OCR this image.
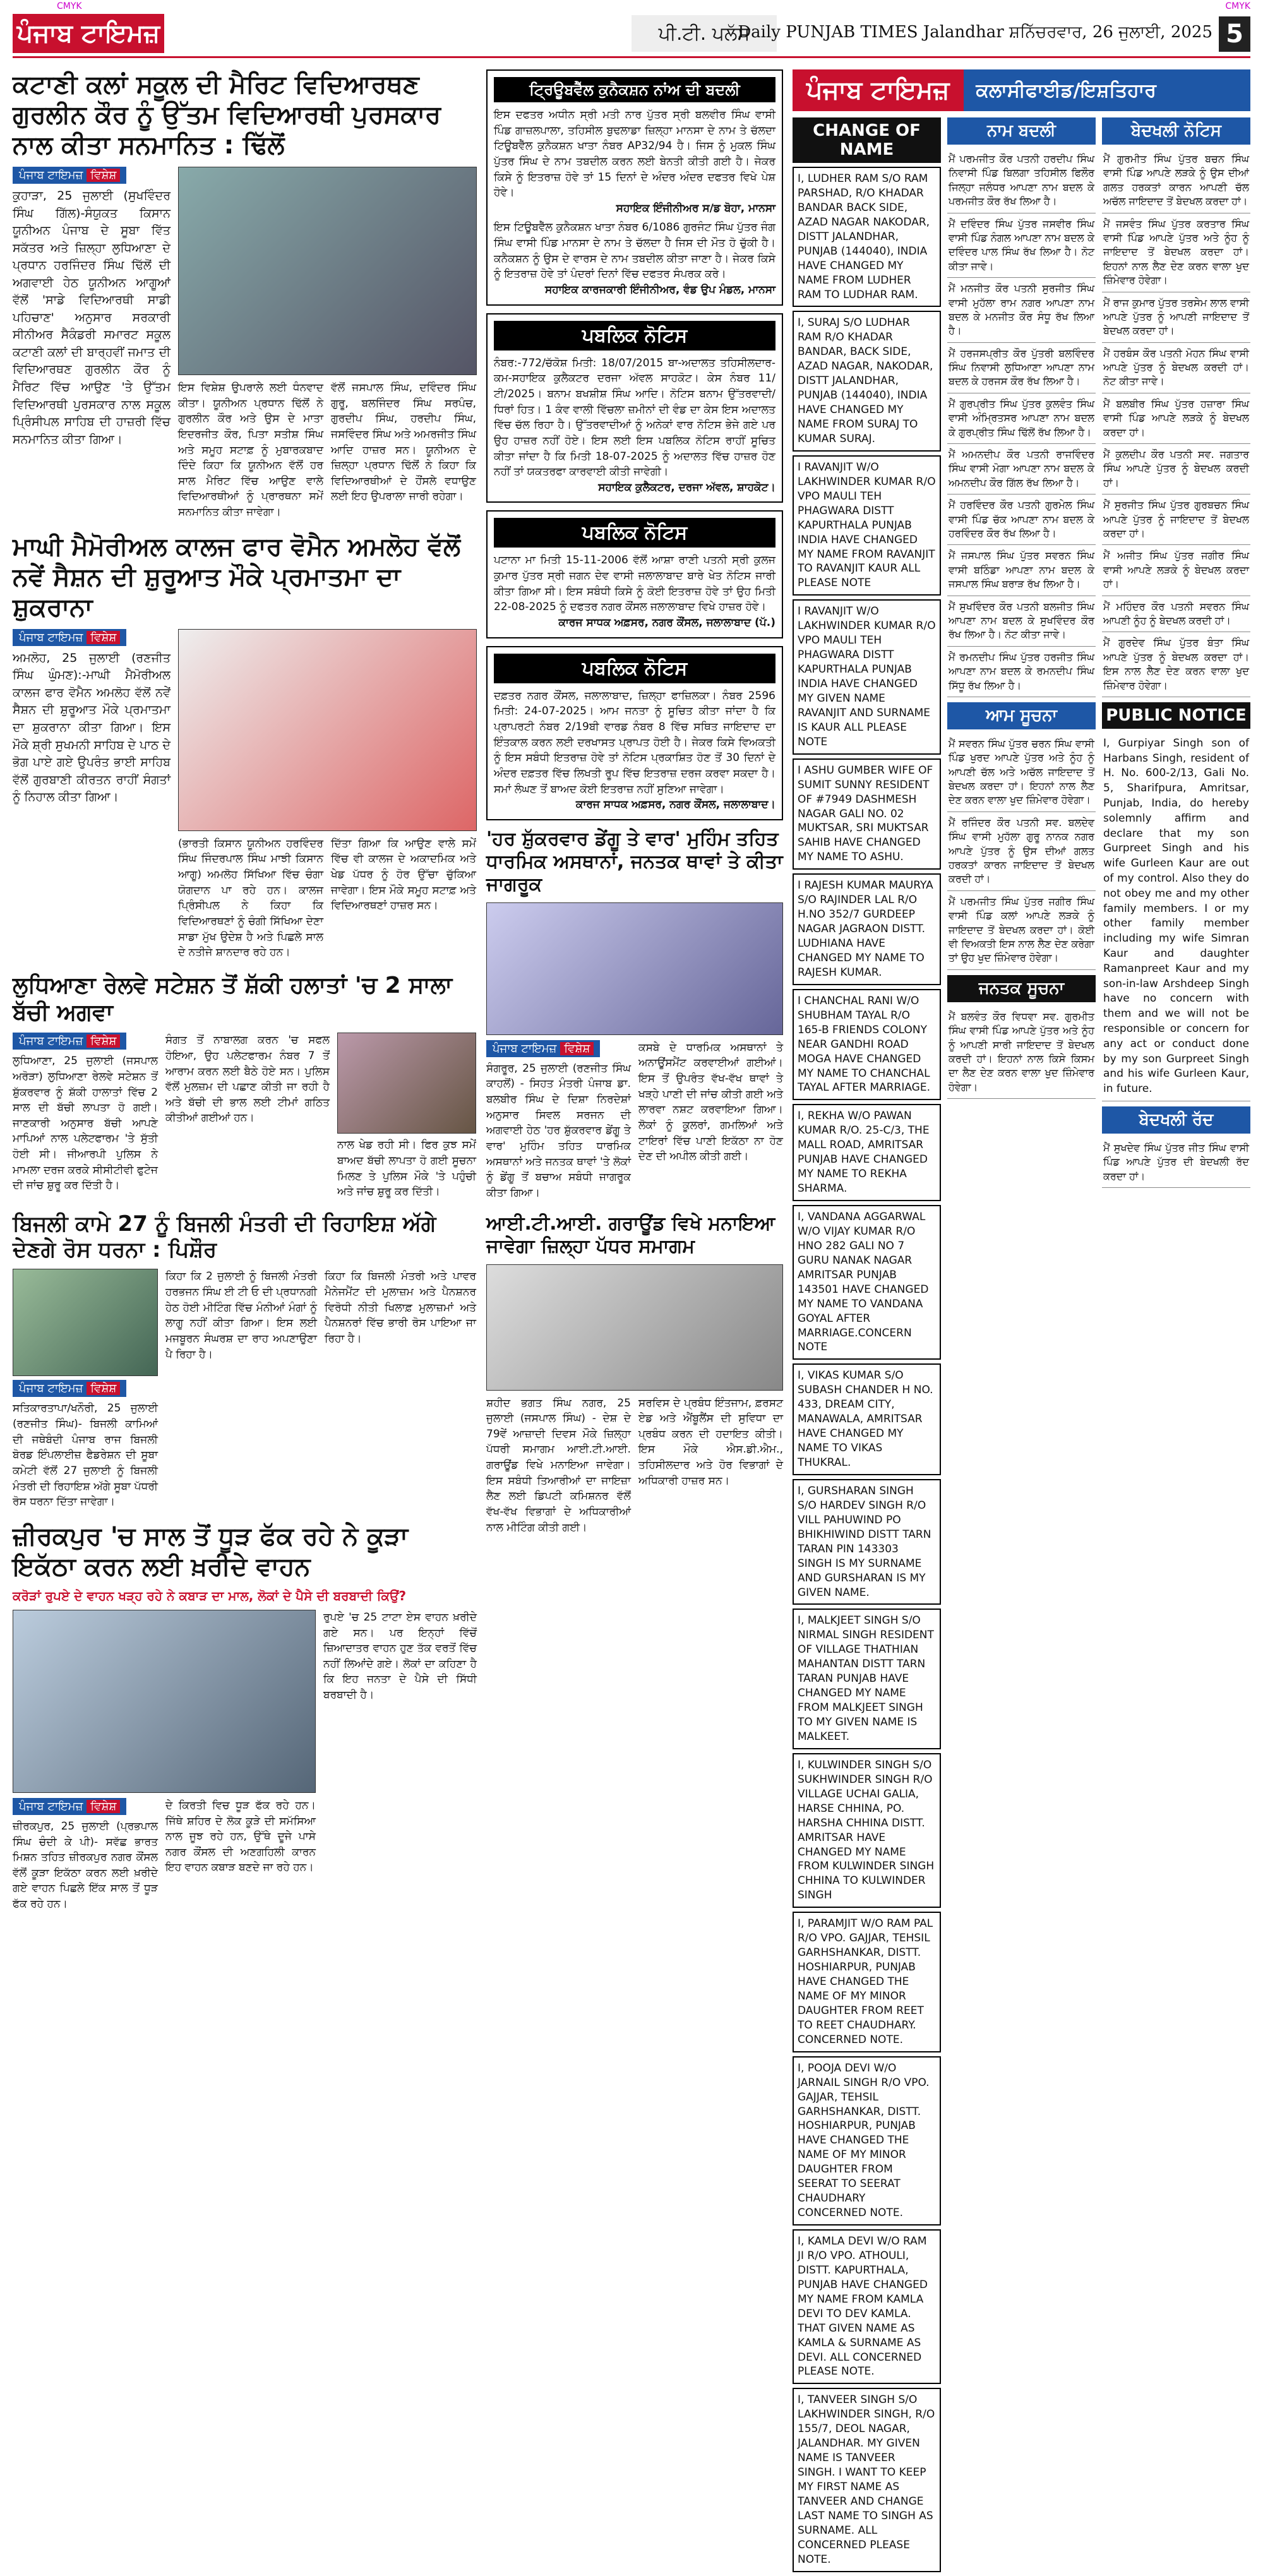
ਪੰਜਾਬ ਟਾਇਮਜ਼	ਪੀ.ਟੀ. ਪਲੱਸ
Daily PUNJAB TIMES Jalandhar ਸ਼ਨਿੱਚਰਵਾਰ, 26 ਜੁਲਾਈ, 2025 5
CMYK	CMYK
ਕਟਾਣੀ ਕਲਾਂ ਸਕੂਲ ਦੀ ਮੈਰਿਟ ਵਿਦਿਆਰਥਣ ਗੁਰਲੀਨ ਕੌਰ ਨੂੰ ਉੱਤਮ ਵਿਦਿਆਰਥੀ ਪੁਰਸਕਾਰ ਨਾਲ ਕੀਤਾ ਸਨਮਾਨਿਤ : ਢਿੱਲੋਂ
ਪੰਜਾਬ ਟਾਇਮਜ਼ ਵਿਸ਼ੇਸ਼
ਕੁਹਾੜਾ, 25 ਜੁਲਾਈ (ਸੁਖਵਿੰਦਰ ਸਿੰਘ ਗਿੱਲ)-ਸੰਯੁਕਤ ਕਿਸਾਨ ਯੂਨੀਅਨ ਪੰਜਾਬ ਦੇ ਸੂਬਾ ਵਿੱਤ ਸਕੱਤਰ ਅਤੇ ਜ਼ਿਲ੍ਹਾ ਲੁਧਿਆਣਾ ਦੇ ਪ੍ਰਧਾਨ ਹਰਜਿੰਦਰ ਸਿੰਘ ਢਿੱਲੋਂ ਦੀ ਅਗਵਾਈ ਹੇਠ ਯੂਨੀਅਨ ਆਗੂਆਂ ਵੱਲੋਂ 'ਸਾਡੇ ਵਿਦਿਆਰਥੀ ਸਾਡੀ ਪਹਿਚਾਣ' ਅਨੁਸਾਰ ਸਰਕਾਰੀ ਸੀਨੀਅਰ ਸੈਕੰਡਰੀ ਸਮਾਰਟ ਸਕੂਲ ਕਟਾਣੀ ਕਲਾਂ ਦੀ ਬਾਰ੍ਹਵੀਂ ਜਮਾਤ ਦੀ ਵਿਦਿਆਰਥਣ ਗੁਰਲੀਨ ਕੌਰ ਨੂੰ ਮੈਰਿਟ ਵਿੱਚ ਆਉਣ 'ਤੇ ਉੱਤਮ ਵਿਦਿਆਰਥੀ ਪੁਰਸਕਾਰ ਨਾਲ ਸਕੂਲ ਪ੍ਰਿੰਸੀਪਲ ਸਾਹਿਬ ਦੀ ਹਾਜ਼ਰੀ ਵਿੱਚ ਸਨਮਾਨਿਤ ਕੀਤਾ ਗਿਆ।
ਇਸ ਵਿਸ਼ੇਸ਼ ਉਪਰਾਲੇ ਲਈ ਧੰਨਵਾਦ ਕੀਤਾ। ਯੂਨੀਅਨ ਪ੍ਰਧਾਨ ਢਿੱਲੋਂ ਨੇ ਗੁਰਲੀਨ ਕੌਰ ਅਤੇ ਉਸ ਦੇ ਮਾਤਾ ਇਦਰਜੀਤ ਕੌਰ, ਪਿਤਾ ਸਤੀਸ਼ ਸਿੰਘ ਅਤੇ ਸਮੂਹ ਸਟਾਫ਼ ਨੂੰ ਮੁਬਾਰਕਬਾਦ ਦਿੰਦੇ ਕਿਹਾ ਕਿ ਯੂਨੀਅਨ ਵੱਲੋਂ ਹਰ ਸਾਲ ਮੈਰਿਟ ਵਿੱਚ ਆਉਣ ਵਾਲੇ ਵਿਦਿਆਰਥੀਆਂ ਨੂੰ ਪ੍ਰਾਰਥਨਾ ਸਮੇਂ ਸਨਮਾਨਿਤ ਕੀਤਾ ਜਾਵੇਗਾ।
ਵੱਲੋਂ ਜਸਪਾਲ ਸਿੰਘ, ਦਵਿੰਦਰ ਸਿੰਘ ਗੁਰੂ, ਬਲਜਿੰਦਰ ਸਿੰਘ ਸਰਪੰਚ, ਗੁਰਦੀਪ ਸਿੰਘ, ਹਰਦੀਪ ਸਿੰਘ, ਜਸਵਿੰਦਰ ਸਿੰਘ ਅਤੇ ਅਮਰਜੀਤ ਸਿੰਘ ਆਦਿ ਹਾਜ਼ਰ ਸਨ। ਯੂਨੀਅਨ ਦੇ ਜ਼ਿਲ੍ਹਾ ਪ੍ਰਧਾਨ ਢਿੱਲੋਂ ਨੇ ਕਿਹਾ ਕਿ ਵਿਦਿਆਰਥੀਆਂ ਦੇ ਹੌਂਸਲੇ ਵਧਾਉਣ ਲਈ ਇਹ ਉਪਰਾਲਾ ਜਾਰੀ ਰਹੇਗਾ।
ਮਾਘੀ ਮੈਮੋਰੀਅਲ ਕਾਲਜ ਫਾਰ ਵੋਮੈਨ ਅਮਲੋਹ ਵੱਲੋਂ ਨਵੇਂ ਸੈਸ਼ਨ ਦੀ ਸ਼ੁਰੂਆਤ ਮੌਕੇ ਪ੍ਰਮਾਤਮਾ ਦਾ ਸ਼ੁਕਰਾਨਾ
ਪੰਜਾਬ ਟਾਇਮਜ਼ ਵਿਸ਼ੇਸ਼
ਅਮਲੋਹ, 25 ਜੁਲਾਈ (ਰਣਜੀਤ ਸਿੰਘ ਘੁੰਮਣ):-ਮਾਘੀ ਮੈਮੋਰੀਅਲ ਕਾਲਜ ਫਾਰ ਵੋਮੈਨ ਅਮਲੋਹ ਵੱਲੋਂ ਨਵੇਂ ਸੈਸ਼ਨ ਦੀ ਸ਼ੁਰੂਆਤ ਮੌਕੇ ਪ੍ਰਮਾਤਮਾ ਦਾ ਸ਼ੁਕਰਾਨਾ ਕੀਤਾ ਗਿਆ। ਇਸ ਮੌਕੇ ਸ਼੍ਰੀ ਸੁਖਮਨੀ ਸਾਹਿਬ ਦੇ ਪਾਠ ਦੇ ਭੋਗ ਪਾਏ ਗਏ ਉਪਰੰਤ ਭਾਈ ਸਾਹਿਬ ਵੱਲੋਂ ਗੁਰਬਾਣੀ ਕੀਰਤਨ ਰਾਹੀਂ ਸੰਗਤਾਂ ਨੂੰ ਨਿਹਾਲ ਕੀਤਾ ਗਿਆ।
(ਭਾਰਤੀ ਕਿਸਾਨ ਯੂਨੀਅਨ ਹਰਵਿੰਦਰ ਸਿੰਘ ਜਿੰਦਰਪਾਲ ਸਿੰਘ ਮਾਝੀ ਕਿਸਾਨ ਆਗੂ) ਅਮਲੋਹ ਸਿੱਖਿਆ ਵਿੱਚ ਚੰਗਾ ਯੋਗਦਾਨ ਪਾ ਰਹੇ ਹਨ। ਕਾਲਜ ਪ੍ਰਿੰਸੀਪਲ ਨੇ ਕਿਹਾ ਕਿ ਵਿਦਿਆਰਥਣਾਂ ਨੂੰ ਚੰਗੀ ਸਿੱਖਿਆ ਦੇਣਾ ਸਾਡਾ ਮੁੱਖ ਉਦੇਸ਼ ਹੈ ਅਤੇ ਪਿਛਲੇ ਸਾਲ ਦੇ ਨਤੀਜੇ ਸ਼ਾਨਦਾਰ ਰਹੇ ਹਨ।
ਦਿੱਤਾ ਗਿਆ ਕਿ ਆਉਣ ਵਾਲੇ ਸਮੇਂ ਵਿੱਚ ਵੀ ਕਾਲਜ ਦੇ ਅਕਾਦਮਿਕ ਅਤੇ ਖੇਡ ਪੱਧਰ ਨੂੰ ਹੋਰ ਉੱਚਾ ਚੁੱਕਿਆ ਜਾਵੇਗਾ। ਇਸ ਮੌਕੇ ਸਮੂਹ ਸਟਾਫ਼ ਅਤੇ ਵਿਦਿਆਰਥਣਾਂ ਹਾਜ਼ਰ ਸਨ।
ਲੁਧਿਆਣਾ ਰੇਲਵੇ ਸਟੇਸ਼ਨ ਤੋਂ ਸ਼ੱਕੀ ਹਲਾਤਾਂ 'ਚ 2 ਸਾਲਾ ਬੱਚੀ ਅਗਵਾ
ਪੰਜਾਬ ਟਾਇਮਜ਼ ਵਿਸ਼ੇਸ਼
ਲੁਧਿਆਣਾ, 25 ਜੁਲਾਈ (ਜਸਪਾਲ ਅਰੋੜਾ) ਲੁਧਿਆਣਾ ਰੇਲਵੇ ਸਟੇਸ਼ਨ ਤੋਂ ਸ਼ੁੱਕਰਵਾਰ ਨੂੰ ਸ਼ੱਕੀ ਹਾਲਾਤਾਂ ਵਿੱਚ 2 ਸਾਲ ਦੀ ਬੱਚੀ ਲਾਪਤਾ ਹੋ ਗਈ। ਜਾਣਕਾਰੀ ਅਨੁਸਾਰ ਬੱਚੀ ਆਪਣੇ ਮਾਪਿਆਂ ਨਾਲ ਪਲੇਟਫਾਰਮ 'ਤੇ ਸੁੱਤੀ ਹੋਈ ਸੀ। ਜੀਆਰਪੀ ਪੁਲਿਸ ਨੇ ਮਾਮਲਾ ਦਰਜ ਕਰਕੇ ਸੀਸੀਟੀਵੀ ਫੁਟੇਜ ਦੀ ਜਾਂਚ ਸ਼ੁਰੂ ਕਰ ਦਿੱਤੀ ਹੈ।
ਸੰਗਤ ਤੋਂ ਨਾਬਾਲਗ ਕਰਨ 'ਚ ਸਫਲ ਹੋਇਆ, ਉਹ ਪਲੇਟਫਾਰਮ ਨੰਬਰ 7 ਤੋਂ ਆਰਾਮ ਕਰਨ ਲਈ ਬੈਠੇ ਹੋਏ ਸਨ। ਪੁਲਿਸ ਵੱਲੋਂ ਮੁਲਜ਼ਮ ਦੀ ਪਛਾਣ ਕੀਤੀ ਜਾ ਰਹੀ ਹੈ ਅਤੇ ਬੱਚੀ ਦੀ ਭਾਲ ਲਈ ਟੀਮਾਂ ਗਠਿਤ ਕੀਤੀਆਂ ਗਈਆਂ ਹਨ।
ਨਾਲ ਖੇਡ ਰਹੀ ਸੀ। ਫਿਰ ਕੁਝ ਸਮੇਂ ਬਾਅਦ ਬੱਚੀ ਲਾਪਤਾ ਹੋ ਗਈ ਸੂਚਨਾ ਮਿਲਣ ਤੇ ਪੁਲਿਸ ਮੌਕੇ 'ਤੇ ਪਹੁੰਚੀ ਅਤੇ ਜਾਂਚ ਸ਼ੁਰੂ ਕਰ ਦਿੱਤੀ।
ਬਿਜਲੀ ਕਾਮੇ 27 ਨੂੰ ਬਿਜਲੀ ਮੰਤਰੀ ਦੀ ਰਿਹਾਇਸ਼ ਅੱਗੇ ਦੇਣਗੇ ਰੋਸ ਧਰਨਾ : ਪਿਸ਼ੌਰ
ਪੰਜਾਬ ਟਾਇਮਜ਼ ਵਿਸ਼ੇਸ਼
ਸਤਿਕਾਰਤਾਪਾ/ਖਨੌਰੀ, 25 ਜੁਲਾਈ (ਰਣਜੀਤ ਸਿੰਘ)- ਬਿਜਲੀ ਕਾਮਿਆਂ ਦੀ ਜਥੇਬੰਦੀ ਪੰਜਾਬ ਰਾਜ ਬਿਜਲੀ ਬੋਰਡ ਇੰਪਲਾਈਜ਼ ਫੈਡਰੇਸ਼ਨ ਦੀ ਸੂਬਾ ਕਮੇਟੀ ਵੱਲੋਂ 27 ਜੁਲਾਈ ਨੂੰ ਬਿਜਲੀ ਮੰਤਰੀ ਦੀ ਰਿਹਾਇਸ਼ ਅੱਗੇ ਸੂਬਾ ਪੱਧਰੀ ਰੋਸ ਧਰਨਾ ਦਿੱਤਾ ਜਾਵੇਗਾ।
ਕਿਹਾ ਕਿ 2 ਜੁਲਾਈ ਨੂੰ ਬਿਜਲੀ ਮੰਤਰੀ ਹਰਭਜਨ ਸਿੰਘ ਈ ਟੀ ਓ ਦੀ ਪ੍ਰਧਾਨਗੀ ਹੇਠ ਹੋਈ ਮੀਟਿੰਗ ਵਿੱਚ ਮੰਨੀਆਂ ਮੰਗਾਂ ਨੂੰ ਲਾਗੂ ਨਹੀਂ ਕੀਤਾ ਗਿਆ। ਇਸ ਲਈ ਮਜਬੂਰਨ ਸੰਘਰਸ਼ ਦਾ ਰਾਹ ਅਪਣਾਉਣਾ ਪੈ ਰਿਹਾ ਹੈ।
ਕਿਹਾ ਕਿ ਬਿਜਲੀ ਮੰਤਰੀ ਅਤੇ ਪਾਵਰ ਮੈਨੇਜਮੈਂਟ ਦੀ ਮੁਲਾਜ਼ਮ ਅਤੇ ਪੈਨਸ਼ਨਰ ਵਿਰੋਧੀ ਨੀਤੀ ਖਿਲਾਫ਼ ਮੁਲਾਜ਼ਮਾਂ ਅਤੇ ਪੈਨਸ਼ਨਰਾਂ ਵਿੱਚ ਭਾਰੀ ਰੋਸ ਪਾਇਆ ਜਾ ਰਿਹਾ ਹੈ।
ਜ਼ੀਰਕਪੁਰ 'ਚ ਸਾਲ ਤੋਂ ਧੂੜ ਫੱਕ ਰਹੇ ਨੇ ਕੂੜਾ ਇਕੱਠਾ ਕਰਨ ਲਈ ਖ਼ਰੀਦੇ ਵਾਹਨ
ਕਰੋੜਾਂ ਰੁਪਏ ਦੇ ਵਾਹਨ ਖੜ੍ਹ ਰਹੇ ਨੇ ਕਬਾੜ ਦਾ ਮਾਲ, ਲੋਕਾਂ ਦੇ ਪੈਸੇ ਦੀ ਬਰਬਾਦੀ ਕਿਉਂ?
ਪੰਜਾਬ ਟਾਇਮਜ਼ ਵਿਸ਼ੇਸ਼
ਜ਼ੀਰਕਪੁਰ, 25 ਜੁਲਾਈ (ਪ੍ਰਭਪਾਲ ਸਿੰਘ ਚੰਦੀ ਕੇ ਪੀ)- ਸਵੱਛ ਭਾਰਤ ਮਿਸ਼ਨ ਤਹਿਤ ਜ਼ੀਰਕਪੁਰ ਨਗਰ ਕੌਂਸਲ ਵੱਲੋਂ ਕੂੜਾ ਇਕੱਠਾ ਕਰਨ ਲਈ ਖ਼ਰੀਦੇ ਗਏ ਵਾਹਨ ਪਿਛਲੇ ਇੱਕ ਸਾਲ ਤੋਂ ਧੂੜ ਫੱਕ ਰਹੇ ਹਨ।
ਦੇ ਕਿਰਤੀ ਵਿਚ ਧੂੜ ਫੱਕ ਰਹੇ ਹਨ। ਜਿੱਥੇ ਸ਼ਹਿਰ ਦੇ ਲੋਕ ਕੂੜੇ ਦੀ ਸਮੱਸਿਆ ਨਾਲ ਜੂਝ ਰਹੇ ਹਨ, ਉੱਥੇ ਦੂਜੇ ਪਾਸੇ ਨਗਰ ਕੌਂਸਲ ਦੀ ਅਣਗਹਿਲੀ ਕਾਰਨ ਇਹ ਵਾਹਨ ਕਬਾੜ ਬਣਦੇ ਜਾ ਰਹੇ ਹਨ।
ਰੁਪਏ 'ਚ 25 ਟਾਟਾ ਏਸ ਵਾਹਨ ਖ਼ਰੀਦੇ ਗਏ ਸਨ। ਪਰ ਇਨ੍ਹਾਂ ਵਿੱਚੋਂ ਜ਼ਿਆਦਾਤਰ ਵਾਹਨ ਹੁਣ ਤੱਕ ਵਰਤੋਂ ਵਿੱਚ ਨਹੀਂ ਲਿਆਂਦੇ ਗਏ। ਲੋਕਾਂ ਦਾ ਕਹਿਣਾ ਹੈ ਕਿ ਇਹ ਜਨਤਾ ਦੇ ਪੈਸੇ ਦੀ ਸਿੱਧੀ ਬਰਬਾਦੀ ਹੈ।
ਟ੍ਰਿਊਬਵੈੱਲ ਕੁਨੈਕਸ਼ਨ ਨਾਂਅ ਦੀ ਬਦਲੀ
ਇਸ ਦਫਤਰ ਅਧੀਨ ਸ੍ਰੀ ਮਤੀ ਨਾਰ ਪੁੱਤਰ ਸ੍ਰੀ ਬਲਵੀਰ ਸਿੰਘ ਵਾਸੀ ਪਿੰਡ ਗਾਜ਼ਲਪਾਲਾ, ਤਹਿਸੀਲ ਬੁਢਲਾਡਾ ਜ਼ਿਲ੍ਹਾ ਮਾਨਸਾ ਦੇ ਨਾਮ ਤੇ ਚੱਲਦਾ ਟਿਊਬਵੈੱਲ ਕੁਨੈਕਸ਼ਨ ਖਾਤਾ ਨੰਬਰ AP32/94 ਹੈ। ਜਿਸ ਨੂੰ ਮੁਕਲ ਸਿੰਘ ਪੁੱਤਰ ਸਿੰਘ ਦੇ ਨਾਮ ਤਬਦੀਲ ਕਰਨ ਲਈ ਬੇਨਤੀ ਕੀਤੀ ਗਈ ਹੈ। ਜੇਕਰ ਕਿਸੇ ਨੂੰ ਇਤਰਾਜ਼ ਹੋਵੇ ਤਾਂ 15 ਦਿਨਾਂ ਦੇ ਅੰਦਰ ਅੰਦਰ ਦਫਤਰ ਵਿਖੇ ਪੇਸ਼ ਹੋਵੇ।
ਸਹਾਇਕ ਇੰਜੀਨੀਅਰ ਸ/ਡ ਬੋਹਾ, ਮਾਨਸਾ
ਇਸ ਟਿਊਬਵੈੱਲ ਕੁਨੈਕਸ਼ਨ ਖਾਤਾ ਨੰਬਰ 6/1086 ਗੁਰਜੰਟ ਸਿੰਘ ਪੁੱਤਰ ਜੰਗ ਸਿੰਘ ਵਾਸੀ ਪਿੰਡ ਮਾਨਸਾ ਦੇ ਨਾਮ ਤੇ ਚੱਲਦਾ ਹੈ ਜਿਸ ਦੀ ਮੌਤ ਹੋ ਚੁੱਕੀ ਹੈ। ਕਨੈਕਸ਼ਨ ਨੂੰ ਉਸ ਦੇ ਵਾਰਸ ਦੇ ਨਾਮ ਤਬਦੀਲ ਕੀਤਾ ਜਾਣਾ ਹੈ। ਜੇਕਰ ਕਿਸੇ ਨੂੰ ਇਤਰਾਜ਼ ਹੋਵੇ ਤਾਂ ਪੰਦਰਾਂ ਦਿਨਾਂ ਵਿੱਚ ਦਫਤਰ ਸੰਪਰਕ ਕਰੇ।
ਸਹਾਇਕ ਕਾਰਜਕਾਰੀ ਇੰਜੀਨੀਅਰ, ਵੰਡ ਉਪ ਮੰਡਲ, ਮਾਨਸਾ
ਪਬਲਿਕ ਨੋਟਿਸ
ਨੰਬਰ:-772/ਚੱਕੋਸ਼ ਮਿਤੀ: 18/07/2015 ਬਾ-ਅਦਾਲਤ ਤਹਿਸੀਲਦਾਰ-ਕਮ-ਸਹਾਇਕ ਕੁਲੈਕਟਰ ਦਰਜਾ ਅੱਵਲ ਸਾਹਕੋਟ। ਕੇਸ ਨੰਬਰ 11/ਟੀ/2025। ਬਨਾਮ ਬਖਸ਼ੀਸ਼ ਸਿੰਘ ਆਦਿ। ਨੋਟਿਸ ਬਨਾਮ ਉੱਤਰਵਾਦੀ/ਧਿਰਾਂ ਹਿਤ। 1 ਕੰਵ ਵਾਲੀ ਵਿੱਚਲਾ ਜ਼ਮੀਨਾਂ ਦੀ ਵੰਡ ਦਾ ਕੇਸ ਇਸ ਅਦਾਲਤ ਵਿੱਚ ਚੱਲ ਰਿਹਾ ਹੈ। ਉੱਤਰਵਾਦੀਆਂ ਨੂੰ ਅਨੇਕਾਂ ਵਾਰ ਨੋਟਿਸ ਭੇਜੇ ਗਏ ਪਰ ਉਹ ਹਾਜ਼ਰ ਨਹੀਂ ਹੋਏ। ਇਸ ਲਈ ਇਸ ਪਬਲਿਕ ਨੋਟਿਸ ਰਾਹੀਂ ਸੂਚਿਤ ਕੀਤਾ ਜਾਂਦਾ ਹੈ ਕਿ ਮਿਤੀ 18-07-2025 ਨੂੰ ਅਦਾਲਤ ਵਿੱਚ ਹਾਜ਼ਰ ਹੋਣ ਨਹੀਂ ਤਾਂ ਯਕਤਰਫਾ ਕਾਰਵਾਈ ਕੀਤੀ ਜਾਵੇਗੀ।
ਸਹਾਇਕ ਕੁਲੈਕਟਰ, ਦਰਜਾ ਅੱਵਲ, ਸ਼ਾਹਕੋਟ।
ਪਬਲਿਕ ਨੋਟਿਸ
ਪਟਾਨਾ ਮਾ ਮਿਤੀ 15-11-2006 ਵੱਲੋਂ ਆਸ਼ਾ ਰਾਣੀ ਪਤਨੀ ਸ੍ਰੀ ਕੁਲਜ ਕੁਮਾਰ ਪੁੱਤਰ ਸ੍ਰੀ ਜਗਨ ਦੇਵ ਵਾਸੀ ਜਲਾਲਾਬਾਦ ਬਾਰੇ ਖੇਤ ਨੋਟਿਸ ਜਾਰੀ ਕੀਤਾ ਗਿਆ ਸੀ। ਇਸ ਸਬੰਧੀ ਕਿਸੇ ਨੂੰ ਕੋਈ ਇਤਰਾਜ਼ ਹੋਵੇ ਤਾਂ ਉਹ ਮਿਤੀ 22-08-2025 ਨੂੰ ਦਫਤਰ ਨਗਰ ਕੌਂਸਲ ਜਲਾਲਾਬਾਦ ਵਿਖੇ ਹਾਜ਼ਰ ਹੋਵੇ।
ਕਾਰਜ ਸਾਧਕ ਅਫ਼ਸਰ, ਨਗਰ ਕੌਂਸਲ, ਜਲਾਲਾਬਾਦ (ਪੱ.)
ਪਬਲਿਕ ਨੋਟਿਸ
ਦਫ਼ਤਰ ਨਗਰ ਕੌਂਸਲ, ਜਲਾਲਾਬਾਦ, ਜ਼ਿਲ੍ਹਾ ਫਾਜ਼ਿਲਕਾ। ਨੰਬਰ 2596 ਮਿਤੀ: 24-07-2025। ਆਮ ਜਨਤਾ ਨੂੰ ਸੂਚਿਤ ਕੀਤਾ ਜਾਂਦਾ ਹੈ ਕਿ ਪ੍ਰਾਪਰਟੀ ਨੰਬਰ 2/19ਬੀ ਵਾਰਡ ਨੰਬਰ 8 ਵਿੱਚ ਸਥਿਤ ਜਾਇਦਾਦ ਦਾ ਇੰਤਕਾਲ ਕਰਨ ਲਈ ਦਰਖਾਸਤ ਪ੍ਰਾਪਤ ਹੋਈ ਹੈ। ਜੇਕਰ ਕਿਸੇ ਵਿਅਕਤੀ ਨੂੰ ਇਸ ਸਬੰਧੀ ਇਤਰਾਜ਼ ਹੋਵੇ ਤਾਂ ਨੋਟਿਸ ਪ੍ਰਕਾਸ਼ਿਤ ਹੋਣ ਤੋਂ 30 ਦਿਨਾਂ ਦੇ ਅੰਦਰ ਦਫ਼ਤਰ ਵਿੱਚ ਲਿਖਤੀ ਰੂਪ ਵਿੱਚ ਇਤਰਾਜ਼ ਦਰਜ ਕਰਵਾ ਸਕਦਾ ਹੈ। ਸਮਾਂ ਲੰਘਣ ਤੋਂ ਬਾਅਦ ਕੋਈ ਇਤਰਾਜ਼ ਨਹੀਂ ਸੁਣਿਆ ਜਾਵੇਗਾ।
ਕਾਰਜ ਸਾਧਕ ਅਫ਼ਸਰ, ਨਗਰ ਕੌਂਸਲ, ਜਲਾਲਾਬਾਦ।
'ਹਰ ਸ਼ੁੱਕਰਵਾਰ ਡੇਂਗੂ ਤੇ ਵਾਰ' ਮੁਹਿੰਮ ਤਹਿਤ ਧਾਰਮਿਕ ਅਸਥਾਨਾਂ, ਜਨਤਕ ਥਾਵਾਂ ਤੇ ਕੀਤਾ ਜਾਗਰੂਕ
ਪੰਜਾਬ ਟਾਇਮਜ਼ ਵਿਸ਼ੇਸ਼
ਸੰਗਰੂਰ, 25 ਜੁਲਾਈ (ਰਣਜੀਤ ਸਿੰਘ ਕਾਹਲੋਂ) - ਸਿਹਤ ਮੰਤਰੀ ਪੰਜਾਬ ਡਾ. ਬਲਬੀਰ ਸਿੰਘ ਦੇ ਦਿਸ਼ਾ ਨਿਰਦੇਸ਼ਾਂ ਅਨੁਸਾਰ ਸਿਵਲ ਸਰਜਨ ਦੀ ਅਗਵਾਈ ਹੇਠ 'ਹਰ ਸ਼ੁੱਕਰਵਾਰ ਡੇਂਗੂ ਤੇ ਵਾਰ' ਮੁਹਿੰਮ ਤਹਿਤ ਧਾਰਮਿਕ ਅਸਥਾਨਾਂ ਅਤੇ ਜਨਤਕ ਥਾਵਾਂ 'ਤੇ ਲੋਕਾਂ ਨੂੰ ਡੇਂਗੂ ਤੋਂ ਬਚਾਅ ਸਬੰਧੀ ਜਾਗਰੂਕ ਕੀਤਾ ਗਿਆ।
ਕਸਬੇ ਦੇ ਧਾਰਮਿਕ ਅਸਥਾਨਾਂ ਤੇ ਅਨਾਊਂਸਮੈਂਟ ਕਰਵਾਈਆਂ ਗਈਆਂ। ਇਸ ਤੋਂ ਉਪਰੰਤ ਵੱਖ-ਵੱਖ ਥਾਵਾਂ ਤੇ ਖੜ੍ਹੇ ਪਾਣੀ ਦੀ ਜਾਂਚ ਕੀਤੀ ਗਈ ਅਤੇ ਲਾਰਵਾ ਨਸ਼ਟ ਕਰਵਾਇਆ ਗਿਆ। ਲੋਕਾਂ ਨੂੰ ਕੂਲਰਾਂ, ਗਮਲਿਆਂ ਅਤੇ ਟਾਇਰਾਂ ਵਿੱਚ ਪਾਣੀ ਇਕੱਠਾ ਨਾ ਹੋਣ ਦੇਣ ਦੀ ਅਪੀਲ ਕੀਤੀ ਗਈ।
ਆਈ.ਟੀ.ਆਈ. ਗਰਾਊਂਡ ਵਿਖੇ ਮਨਾਇਆ ਜਾਵੇਗਾ ਜ਼ਿਲ੍ਹਾ ਪੱਧਰ ਸਮਾਗਮ
ਸ਼ਹੀਦ ਭਗਤ ਸਿੰਘ ਨਗਰ, 25 ਜੁਲਾਈ (ਜਸਪਾਲ ਸਿੰਘ) - ਦੇਸ਼ ਦੇ 79ਵੇਂ ਆਜ਼ਾਦੀ ਦਿਵਸ ਮੌਕੇ ਜ਼ਿਲ੍ਹਾ ਪੱਧਰੀ ਸਮਾਗਮ ਆਈ.ਟੀ.ਆਈ. ਗਰਾਊਂਡ ਵਿਖੇ ਮਨਾਇਆ ਜਾਵੇਗਾ। ਇਸ ਸਬੰਧੀ ਤਿਆਰੀਆਂ ਦਾ ਜਾਇਜ਼ਾ ਲੈਣ ਲਈ ਡਿਪਟੀ ਕਮਿਸ਼ਨਰ ਵੱਲੋਂ ਵੱਖ-ਵੱਖ ਵਿਭਾਗਾਂ ਦੇ ਅਧਿਕਾਰੀਆਂ ਨਾਲ ਮੀਟਿੰਗ ਕੀਤੀ ਗਈ।
ਸਰਵਿਸ ਦੇ ਪ੍ਰਬੰਧ ਇੰਤਜਾਮ, ਫ਼ਰਸਟ ਏਡ ਅਤੇ ਐਂਬੂਲੈਂਸ ਦੀ ਸੁਵਿਧਾ ਦਾ ਪ੍ਰਬੰਧ ਕਰਨ ਦੀ ਹਦਾਇਤ ਕੀਤੀ। ਇਸ ਮੌਕੇ ਐਸ.ਡੀ.ਐਮ., ਤਹਿਸੀਲਦਾਰ ਅਤੇ ਹੋਰ ਵਿਭਾਗਾਂ ਦੇ ਅਧਿਕਾਰੀ ਹਾਜ਼ਰ ਸਨ।
ਪੰਜਾਬ ਟਾਇਮਜ਼	ਕਲਾਸੀਫਾਈਡ/ਇਸ਼ਤਿਹਾਰ
CHANGE OF NAME
I, LUDHER RAM S/O RAM PARSHAD, R/O KHADAR BANDAR BACK SIDE, AZAD NAGAR NAKODAR, DISTT JALANDHAR, PUNJAB (144040), INDIA HAVE CHANGED MY NAME FROM LUDHER RAM TO LUDHAR RAM.
I, SURAJ S/O LUDHAR RAM R/O KHADAR BANDAR, BACK SIDE, AZAD NAGAR, NAKODAR, DISTT JALANDHAR, PUNJAB (144040), INDIA HAVE CHANGED MY NAME FROM SURAJ TO KUMAR SURAJ.
I RAVANJIT W/O LAKHWINDER KUMAR R/O VPO MAULI TEH PHAGWARA DISTT KAPURTHALA PUNJAB INDIA HAVE CHANGED MY NAME FROM RAVANJIT TO RAVANJIT KAUR ALL PLEASE NOTE
I RAVANJIT W/O LAKHWINDER KUMAR R/O VPO MAULI TEH PHAGWARA DISTT KAPURTHALA PUNJAB INDIA HAVE CHANGED MY GIVEN NAME RAVANJIT AND SURNAME IS KAUR ALL PLEASE NOTE
I ASHU GUMBER WIFE OF SUMIT SUNNY RESIDENT OF #7949 DASHMESH NAGAR GALI NO. 02 MUKTSAR, SRI MUKTSAR SAHIB HAVE CHANGED MY NAME TO ASHU.
I RAJESH KUMAR MAURYA S/O RAJINDER LAL R/O H.NO 352/7 GURDEEP NAGAR JAGRAON DISTT. LUDHIANA HAVE CHANGED MY NAME TO RAJESH KUMAR.
I CHANCHAL RANI W/O SHUBHAM TAYAL R/O 165-B FRIENDS COLONY NEAR GANDHI ROAD MOGA HAVE CHANGED MY NAME TO CHANCHAL TAYAL AFTER MARRIAGE.
I, REKHA W/O PAWAN KUMAR R/O. 25-C/3, THE MALL ROAD, AMRITSAR PUNJAB HAVE CHANGED MY NAME TO REKHA SHARMA.
I, VANDANA AGGARWAL W/O VIJAY KUMAR R/O HNO 282 GALI NO 7 GURU NANAK NAGAR AMRITSAR PUNJAB 143501 HAVE CHANGED MY NAME TO VANDANA GOYAL AFTER MARRIAGE.CONCERN NOTE
I, VIKAS KUMAR S/O SUBASH CHANDER H NO. 433, DREAM CITY, MANAWALA, AMRITSAR HAVE CHANGED MY NAME TO VIKAS THUKRAL.
I, GURSHARAN SINGH S/O HARDEV SINGH R/O VILL PAHUWIND PO BHIKHIWIND DISTT TARN TARAN PIN 143303 SINGH IS MY SURNAME AND GURSHARAN IS MY GIVEN NAME.
I, MALKJEET SINGH S/O NIRMAL SINGH RESIDENT OF VILLAGE THATHIAN MAHANTAN DISTT TARN TARAN PUNJAB HAVE CHANGED MY NAME FROM MALKJEET SINGH TO MY GIVEN NAME IS MALKEET.
I, KULWINDER SINGH S/O SUKHWINDER SINGH R/O VILLAGE UCHAI GALIA, HARSE CHHINA, PO. HARSHA CHHINA DISTT. AMRITSAR HAVE CHANGED MY NAME FROM KULWINDER SINGH CHHINA TO KULWINDER SINGH
I, PARAMJIT W/O RAM PAL R/O VPO. GAJJAR, TEHSIL GARHSHANKAR, DISTT. HOSHIARPUR, PUNJAB HAVE CHANGED THE NAME OF MY MINOR DAUGHTER FROM REET TO REET CHAUDHARY. CONCERNED NOTE.
I, POOJA DEVI W/O JARNAIL SINGH R/O VPO. GAJJAR, TEHSIL GARHSHANKAR, DISTT. HOSHIARPUR, PUNJAB HAVE CHANGED THE NAME OF MY MINOR DAUGHTER FROM SEERAT TO SEERAT CHAUDHARY CONCERNED NOTE.
I, KAMLA DEVI W/O RAM JI R/O VPO. ATHOULI, DISTT. KAPURTHALA, PUNJAB HAVE CHANGED MY NAME FROM KAMLA DEVI TO DEV KAMLA. THAT GIVEN NAME AS KAMLA & SURNAME AS DEVI. ALL CONCERNED PLEASE NOTE.
I, TANVEER SINGH S/O LAKHWINDER SINGH, R/O 155/7, DEOL NAGAR, JALANDHAR. MY GIVEN NAME IS TANVEER SINGH. I WANT TO KEEP MY FIRST NAME AS TANVEER AND CHANGE LAST NAME TO SINGH AS SURNAME. ALL CONCERNED PLEASE NOTE.
ਨਾਮ ਬਦਲੀ
ਮੈਂ ਪਰਮਜੀਤ ਕੌਰ ਪਤਨੀ ਹਰਦੀਪ ਸਿੰਘ ਨਿਵਾਸੀ ਪਿੰਡ ਬਿਲਗਾ ਤਹਿਸੀਲ ਫਿਲੌਰ ਜਿਲ੍ਹਾ ਜਲੰਧਰ ਆਪਣਾ ਨਾਮ ਬਦਲ ਕੇ ਪਰਮਜੀਤ ਕੌਰ ਰੱਖ ਲਿਆ ਹੈ।
ਮੈਂ ਦਵਿੰਦਰ ਸਿੰਘ ਪੁੱਤਰ ਜਸਵੀਰ ਸਿੰਘ ਵਾਸੀ ਪਿੰਡ ਨੰਗਲ ਆਪਣਾ ਨਾਮ ਬਦਲ ਕੇ ਦਵਿੰਦਰ ਪਾਲ ਸਿੰਘ ਰੱਖ ਲਿਆ ਹੈ। ਨੋਟ ਕੀਤਾ ਜਾਵੇ।
ਮੈਂ ਮਨਜੀਤ ਕੌਰ ਪਤਨੀ ਸੁਰਜੀਤ ਸਿੰਘ ਵਾਸੀ ਮੁਹੱਲਾ ਰਾਮ ਨਗਰ ਆਪਣਾ ਨਾਮ ਬਦਲ ਕੇ ਮਨਜੀਤ ਕੌਰ ਸੰਧੂ ਰੱਖ ਲਿਆ ਹੈ।
ਮੈਂ ਹਰਜਸਪ੍ਰੀਤ ਕੌਰ ਪੁੱਤਰੀ ਬਲਵਿੰਦਰ ਸਿੰਘ ਨਿਵਾਸੀ ਲੁਧਿਆਣਾ ਆਪਣਾ ਨਾਮ ਬਦਲ ਕੇ ਹਰਜਸ ਕੌਰ ਰੱਖ ਲਿਆ ਹੈ।
ਮੈਂ ਗੁਰਪ੍ਰੀਤ ਸਿੰਘ ਪੁੱਤਰ ਕੁਲਵੰਤ ਸਿੰਘ ਵਾਸੀ ਅੰਮ੍ਰਿਤਸਰ ਆਪਣਾ ਨਾਮ ਬਦਲ ਕੇ ਗੁਰਪ੍ਰੀਤ ਸਿੰਘ ਢਿੱਲੋਂ ਰੱਖ ਲਿਆ ਹੈ।
ਮੈਂ ਅਮਨਦੀਪ ਕੌਰ ਪਤਨੀ ਰਾਜਵਿੰਦਰ ਸਿੰਘ ਵਾਸੀ ਮੋਗਾ ਆਪਣਾ ਨਾਮ ਬਦਲ ਕੇ ਅਮਨਦੀਪ ਕੌਰ ਗਿੱਲ ਰੱਖ ਲਿਆ ਹੈ।
ਮੈਂ ਹਰਵਿੰਦਰ ਕੌਰ ਪਤਨੀ ਗੁਰਮੇਲ ਸਿੰਘ ਵਾਸੀ ਪਿੰਡ ਚੱਕ ਆਪਣਾ ਨਾਮ ਬਦਲ ਕੇ ਹਰਵਿੰਦਰ ਕੌਰ ਰੱਖ ਲਿਆ ਹੈ।
ਮੈਂ ਜਸਪਾਲ ਸਿੰਘ ਪੁੱਤਰ ਸਵਰਨ ਸਿੰਘ ਵਾਸੀ ਬਠਿੰਡਾ ਆਪਣਾ ਨਾਮ ਬਦਲ ਕੇ ਜਸਪਾਲ ਸਿੰਘ ਬਰਾੜ ਰੱਖ ਲਿਆ ਹੈ।
ਮੈਂ ਸੁਖਵਿੰਦਰ ਕੌਰ ਪਤਨੀ ਬਲਜੀਤ ਸਿੰਘ ਆਪਣਾ ਨਾਮ ਬਦਲ ਕੇ ਸੁਖਵਿੰਦਰ ਕੌਰ ਰੱਖ ਲਿਆ ਹੈ। ਨੋਟ ਕੀਤਾ ਜਾਵੇ।
ਮੈਂ ਰਮਨਦੀਪ ਸਿੰਘ ਪੁੱਤਰ ਹਰਜੀਤ ਸਿੰਘ ਆਪਣਾ ਨਾਮ ਬਦਲ ਕੇ ਰਮਨਦੀਪ ਸਿੰਘ ਸਿੱਧੂ ਰੱਖ ਲਿਆ ਹੈ।
ਆਮ ਸੂਚਨਾ
ਮੈਂ ਸਵਰਨ ਸਿੰਘ ਪੁੱਤਰ ਚਰਨ ਸਿੰਘ ਵਾਸੀ ਪਿੰਡ ਖੁਰਦ ਆਪਣੇ ਪੁੱਤਰ ਅਤੇ ਨੂੰਹ ਨੂੰ ਆਪਣੀ ਚੱਲ ਅਤੇ ਅਚੱਲ ਜਾਇਦਾਦ ਤੋਂ ਬੇਦਖਲ ਕਰਦਾ ਹਾਂ। ਇਹਨਾਂ ਨਾਲ ਲੈਣ ਦੇਣ ਕਰਨ ਵਾਲਾ ਖੁਦ ਜ਼ਿੰਮੇਵਾਰ ਹੋਵੇਗਾ।
ਮੈਂ ਰਜਿੰਦਰ ਕੌਰ ਪਤਨੀ ਸਵ. ਬਲਦੇਵ ਸਿੰਘ ਵਾਸੀ ਮੁਹੱਲਾ ਗੁਰੂ ਨਾਨਕ ਨਗਰ ਆਪਣੇ ਪੁੱਤਰ ਨੂੰ ਉਸ ਦੀਆਂ ਗਲਤ ਹਰਕਤਾਂ ਕਾਰਨ ਜਾਇਦਾਦ ਤੋਂ ਬੇਦਖਲ ਕਰਦੀ ਹਾਂ।
ਮੈਂ ਪਰਮਜੀਤ ਸਿੰਘ ਪੁੱਤਰ ਜਗੀਰ ਸਿੰਘ ਵਾਸੀ ਪਿੰਡ ਕਲਾਂ ਆਪਣੇ ਲੜਕੇ ਨੂੰ ਜਾਇਦਾਦ ਤੋਂ ਬੇਦਖਲ ਕਰਦਾ ਹਾਂ। ਕੋਈ ਵੀ ਵਿਅਕਤੀ ਇਸ ਨਾਲ ਲੈਣ ਦੇਣ ਕਰੇਗਾ ਤਾਂ ਉਹ ਖੁਦ ਜ਼ਿੰਮੇਵਾਰ ਹੋਵੇਗਾ।
ਜਨਤਕ ਸੂਚਨਾ
ਮੈਂ ਬਲਵੰਤ ਕੌਰ ਵਿਧਵਾ ਸਵ. ਗੁਰਮੀਤ ਸਿੰਘ ਵਾਸੀ ਪਿੰਡ ਆਪਣੇ ਪੁੱਤਰ ਅਤੇ ਨੂੰਹ ਨੂੰ ਆਪਣੀ ਸਾਰੀ ਜਾਇਦਾਦ ਤੋਂ ਬੇਦਖਲ ਕਰਦੀ ਹਾਂ। ਇਹਨਾਂ ਨਾਲ ਕਿਸੇ ਕਿਸਮ ਦਾ ਲੈਣ ਦੇਣ ਕਰਨ ਵਾਲਾ ਖੁਦ ਜ਼ਿੰਮੇਵਾਰ ਹੋਵੇਗਾ।
ਬੇਦਖਲੀ ਨੋਟਿਸ
ਮੈਂ ਗੁਰਮੀਤ ਸਿੰਘ ਪੁੱਤਰ ਬਚਨ ਸਿੰਘ ਵਾਸੀ ਪਿੰਡ ਆਪਣੇ ਲੜਕੇ ਨੂੰ ਉਸ ਦੀਆਂ ਗਲਤ ਹਰਕਤਾਂ ਕਾਰਨ ਆਪਣੀ ਚੱਲ ਅਚੱਲ ਜਾਇਦਾਦ ਤੋਂ ਬੇਦਖਲ ਕਰਦਾ ਹਾਂ।
ਮੈਂ ਜਸਵੰਤ ਸਿੰਘ ਪੁੱਤਰ ਕਰਤਾਰ ਸਿੰਘ ਵਾਸੀ ਪਿੰਡ ਆਪਣੇ ਪੁੱਤਰ ਅਤੇ ਨੂੰਹ ਨੂੰ ਜਾਇਦਾਦ ਤੋਂ ਬੇਦਖਲ ਕਰਦਾ ਹਾਂ। ਇਹਨਾਂ ਨਾਲ ਲੈਣ ਦੇਣ ਕਰਨ ਵਾਲਾ ਖੁਦ ਜ਼ਿੰਮੇਵਾਰ ਹੋਵੇਗਾ।
ਮੈਂ ਰਾਜ ਕੁਮਾਰ ਪੁੱਤਰ ਤਰਸੇਮ ਲਾਲ ਵਾਸੀ ਆਪਣੇ ਪੁੱਤਰ ਨੂੰ ਆਪਣੀ ਜਾਇਦਾਦ ਤੋਂ ਬੇਦਖਲ ਕਰਦਾ ਹਾਂ।
ਮੈਂ ਹਰਬੰਸ ਕੌਰ ਪਤਨੀ ਮੋਹਨ ਸਿੰਘ ਵਾਸੀ ਆਪਣੇ ਪੁੱਤਰ ਨੂੰ ਬੇਦਖਲ ਕਰਦੀ ਹਾਂ। ਨੋਟ ਕੀਤਾ ਜਾਵੇ।
ਮੈਂ ਬਲਬੀਰ ਸਿੰਘ ਪੁੱਤਰ ਹਜ਼ਾਰਾ ਸਿੰਘ ਵਾਸੀ ਪਿੰਡ ਆਪਣੇ ਲੜਕੇ ਨੂੰ ਬੇਦਖਲ ਕਰਦਾ ਹਾਂ।
ਮੈਂ ਕੁਲਦੀਪ ਕੌਰ ਪਤਨੀ ਸਵ. ਜਗਤਾਰ ਸਿੰਘ ਆਪਣੇ ਪੁੱਤਰ ਨੂੰ ਬੇਦਖਲ ਕਰਦੀ ਹਾਂ।
ਮੈਂ ਸੁਰਜੀਤ ਸਿੰਘ ਪੁੱਤਰ ਗੁਰਬਚਨ ਸਿੰਘ ਆਪਣੇ ਪੁੱਤਰ ਨੂੰ ਜਾਇਦਾਦ ਤੋਂ ਬੇਦਖਲ ਕਰਦਾ ਹਾਂ।
ਮੈਂ ਅਜੀਤ ਸਿੰਘ ਪੁੱਤਰ ਜਗੀਰ ਸਿੰਘ ਵਾਸੀ ਆਪਣੇ ਲੜਕੇ ਨੂੰ ਬੇਦਖਲ ਕਰਦਾ ਹਾਂ।
ਮੈਂ ਮਹਿੰਦਰ ਕੌਰ ਪਤਨੀ ਸਵਰਨ ਸਿੰਘ ਆਪਣੀ ਨੂੰਹ ਨੂੰ ਬੇਦਖਲ ਕਰਦੀ ਹਾਂ।
ਮੈਂ ਗੁਰਦੇਵ ਸਿੰਘ ਪੁੱਤਰ ਬੰਤਾ ਸਿੰਘ ਆਪਣੇ ਪੁੱਤਰ ਨੂੰ ਬੇਦਖਲ ਕਰਦਾ ਹਾਂ। ਇਸ ਨਾਲ ਲੈਣ ਦੇਣ ਕਰਨ ਵਾਲਾ ਖੁਦ ਜ਼ਿੰਮੇਵਾਰ ਹੋਵੇਗਾ।
PUBLIC NOTICE
I, Gurpiyar Singh son of Harbans Singh, resident of H. No. 600-2/13, Gali No. 5, Sharifpura, Amritsar, Punjab, India, do hereby solemnly affirm and declare that my son Gurpreet Singh and his wife Gurleen Kaur are out of my control. Also they do not obey me and my other family members. I or my other family member including my wife Simran Kaur and daughter Ramanpreet Kaur and my son-in-law Arshdeep Singh have no concern with them and we will not be responsible or concern for any act or conduct done by my son Gurpreet Singh and his wife Gurleen Kaur, in future.
ਬੇਦਖਲੀ ਰੱਦ
ਮੈਂ ਸੁਖਦੇਵ ਸਿੰਘ ਪੁੱਤਰ ਜੀਤ ਸਿੰਘ ਵਾਸੀ ਪਿੰਡ ਆਪਣੇ ਪੁੱਤਰ ਦੀ ਬੇਦਖਲੀ ਰੱਦ ਕਰਦਾ ਹਾਂ।
